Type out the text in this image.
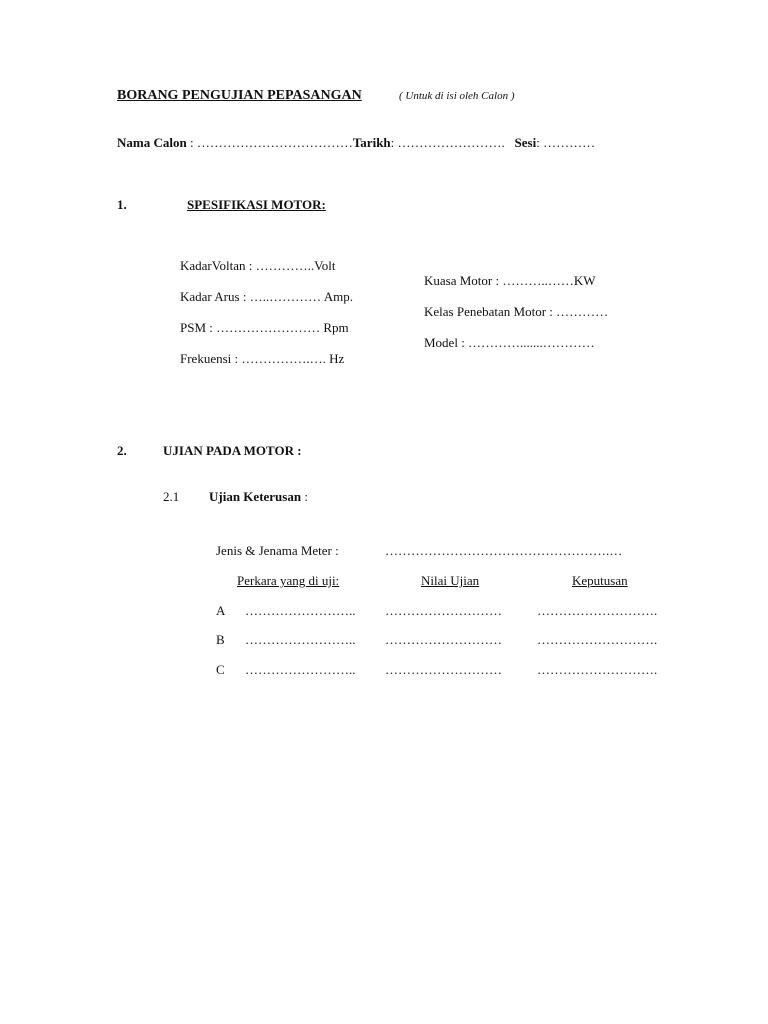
BORANG PENGUJIAN PEPASANGAN	( Untuk di isi oleh Calon )
Nama Calon : ………………………………Tarikh: ……………………. Sesi: …………
1.	SPESIFIKASI MOTOR:
KadarVoltan : …………..Volt
Kadar Arus : …..………… Amp.
PSM : …………………… Rpm
Frekuensi : …………….…. Hz
Kuasa Motor : ………..……KW
Kelas Penebatan Motor : …………
Model : ………….......…………
2.	UJIAN PADA MOTOR :
2.1 Ujian Keterusan :
Jenis & Jenama Meter :	…………………………………………….…
Perkara yang di uji:	Nilai Ujian	Keputusan
A …………………….. ………………………	……………………….
B …………………….. ………………………	……………………….
C …………………….. ………………………	……………………….
